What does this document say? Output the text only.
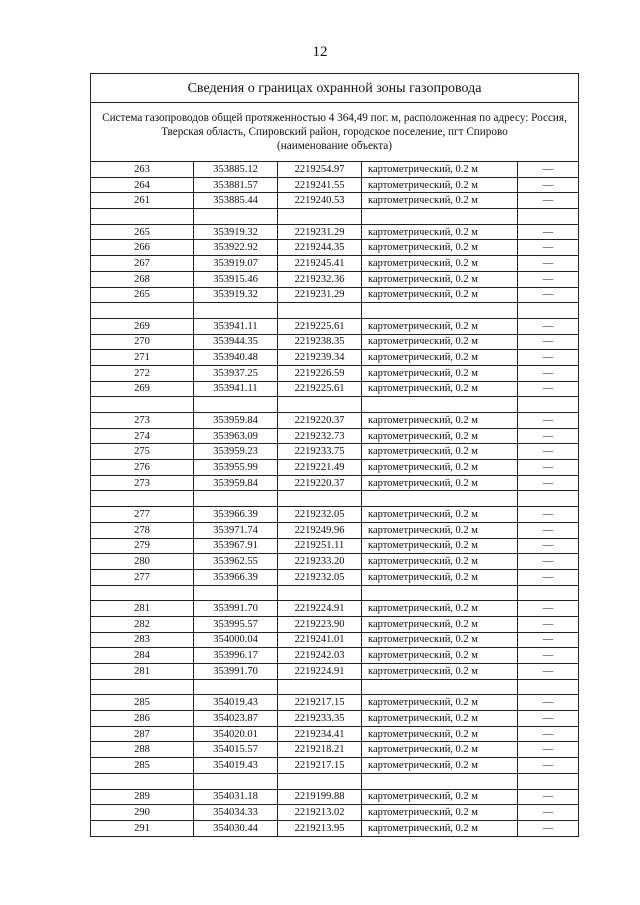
12
Сведения о границах охранной зоны газопровода				
Система газопроводов общей протяженностью 4 364,49 пог. м, расположенная по адресу: Россия,
Тверская область, Спировский район, городское поселение, пгт Спирово
(наименование объекта)				
263	353885.12	2219254.97	картометрический, 0.2 м	—
264	353881.57	2219241.55	картометрический, 0.2 м	—
261	353885.44	2219240.53	картометрический, 0.2 м	—

265	353919.32	2219231.29	картометрический, 0.2 м	—
266	353922.92	2219244.35	картометрический, 0.2 м	—
267	353919.07	2219245.41	картометрический, 0.2 м	—
268	353915.46	2219232.36	картометрический, 0.2 м	—
265	353919.32	2219231.29	картометрический, 0.2 м	—

269	353941.11	2219225.61	картометрический, 0.2 м	—
270	353944.35	2219238.35	картометрический, 0.2 м	—
271	353940.48	2219239.34	картометрический, 0.2 м	—
272	353937.25	2219226.59	картометрический, 0.2 м	—
269	353941.11	2219225.61	картометрический, 0.2 м	—

273	353959.84	2219220.37	картометрический, 0.2 м	—
274	353963.09	2219232.73	картометрический, 0.2 м	—
275	353959.23	2219233.75	картометрический, 0.2 м	—
276	353955.99	2219221.49	картометрический, 0.2 м	—
273	353959.84	2219220.37	картометрический, 0.2 м	—

277	353966.39	2219232.05	картометрический, 0.2 м	—
278	353971.74	2219249.96	картометрический, 0.2 м	—
279	353967.91	2219251.11	картометрический, 0.2 м	—
280	353962.55	2219233.20	картометрический, 0.2 м	—
277	353966.39	2219232.05	картометрический, 0.2 м	—

281	353991.70	2219224.91	картометрический, 0.2 м	—
282	353995.57	2219223.90	картометрический, 0.2 м	—
283	354000.04	2219241.01	картометрический, 0.2 м	—
284	353996.17	2219242.03	картометрический, 0.2 м	—
281	353991.70	2219224.91	картометрический, 0.2 м	—

285	354019.43	2219217.15	картометрический, 0.2 м	—
286	354023.87	2219233.35	картометрический, 0.2 м	—
287	354020.01	2219234.41	картометрический, 0.2 м	—
288	354015.57	2219218.21	картометрический, 0.2 м	—
285	354019.43	2219217.15	картометрический, 0.2 м	—

289	354031.18	2219199.88	картометрический, 0.2 м	—
290	354034.33	2219213.02	картометрический, 0.2 м	—
291	354030.44	2219213.95	картометрический, 0.2 м	—
